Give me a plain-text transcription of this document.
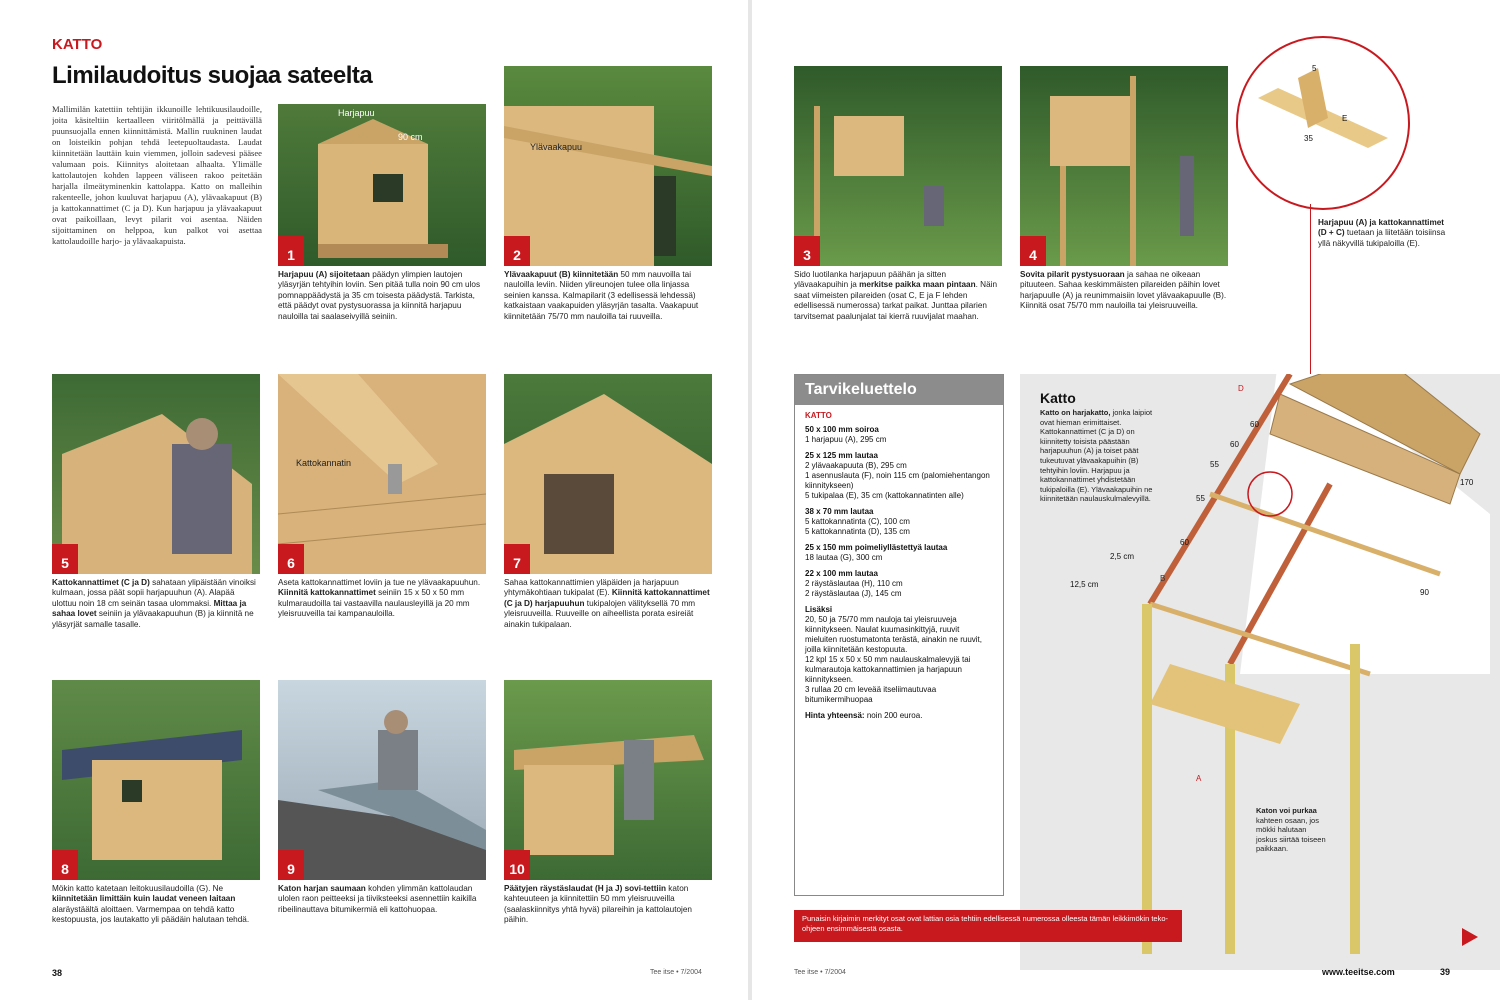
KATTO
Limilaudoitus suojaa sateelta
Mallimilän katettiin tehtijän ikkunoille lehtikuusilaudoille, joita käsiteltiin kertaalleen viiritölmällä ja peittävällä puunsuojalla ennen kiinnittämistä. Mallin ruukninen laudat on loisteikin pohjan tehdä leetepuoltaudasta. Laudat kiinnitetään lauttäin kuin viemmen, jolloin sadevesi pääsee valumaan pois. Kiinnitys aloitetaan alhaalta. Ylimälle kattolautojen kohden lappeen väliseen rakoo peitetään harjalla ilmeätyminenkin kattolappa. Katto on malleihin rakenteelle, johon kuuluvat harjapuu (A), ylävaakapuut (B) ja kattokannattimet (C ja D). Kun harjapuu ja ylävaakapuut ovat paikoillaan, levyt pilarit voi asentaa. Näiden sijoittaminen on helppoa, kun palkot voi asettaa kattolaudoille harjo- ja ylävaakapuista.
Harjapuu
90 cm
1
Harjapuu (A) sijoitetaan päädyn ylimpien lautojen yläsyrjän tehtyihin loviin. Sen pitää tulla noin 90 cm ulos pomnappäädystä ja 35 cm toisesta päädystä. Tarkista, että päädyt ovat pystysuorassa ja kiinnitä harjapuu nauloilla tai saalaseivyillä seiniin.
Ylävaakapuu
2
Ylävaakapuut (B) kiinnitetään 50 mm nauvoilla tai nauloilla leviin. Niiden ylireunojen tulee olla linjassa seinien kanssa. Kalmapilarit (3 edellisessä lehdessä) katkaistaan vaakapuiden yläsyrjän tasalta. Vaakapuut kiinnitetään 75/70 mm nauloilla tai ruuveilla.
5
Kattokannattimet (C ja D) sahataan ylipäistään vinoiksi kulmaan, jossa päät sopii harjapuuhun (A). Alapää ulottuu noin 18 cm seinän tasaa ulommaksi. Mittaa ja sahaa lovet seiniin ja ylävaakapuuhun (B) ja kiinnitä ne yläsyrjät samalle tasalle.
Kattokannatin
6
Aseta kattokannattimet loviin ja tue ne ylävaakapuuhun. Kiinnitä kattokannattimet seiniin 15 x 50 x 50 mm kulmaraudoilla tai vastaavilla naulausleyillä ja 20 mm yleisruuveilla tai kampanauloilla.
7
Sahaa kattokannattimien yläpäiden ja harjapuun yhtymäkohtiaan tukipalat (E). Kiinnitä kattokannattimet (C ja D) harjapuuhun tukipalojen välityksellä 70 mm yleisruuveilla. Ruuveille on aiheellista porata esireiät ainakin tukipalaan.
8
Mökin katto katetaan leitokuusilaudoilla (G). Ne kiinnitetään limittäin kuin laudat veneen laitaan alaräystäältä aloittaen. Varmempaa on tehdä katto kestopuusta, jos lautakatto yli päädäin halutaan tehdä.
9
Katon harjan saumaan kohden ylimmän kattolaudan ulolen raon peitteeksi ja tiiviksteeksi asennettiin kaikilla ribeilinauttava bitumikermiä eli kattohuopaa.
10
Päätyjen räystäslaudat (H ja J) sovi-tettiin katon kahteuuteen ja kiinnitettiin 50 mm yleisruuveilla (saalaskiinnitys yhtä hyvä) pilareihin ja kattolautojen päihin.
38	Tee itse • 7/2004
3
Sido luotilanka harjapuun päähän ja sitten ylävaakapuihin ja merkitse paikka maan pintaan. Näin saat viimeisten pilareiden (osat C, E ja F lehden edellisessä numerossa) tarkat paikat. Junttaa pilarien tarvitsemat paalunjalat tai kierrä ruuvijalat maahan.
4
Sovita pilarit pystysuoraan ja sahaa ne oikeaan pituuteen. Sahaa keskimmäisten pilareiden päihin lovet harjapuulle (A) ja reunimmaisiin lovet ylävaakapuulle (B). Kiinnitä osat 75/70 mm nauloilla tai yleisruuveilla.
5
35
E
Harjapuu (A) ja kattokannattimet (D + C) tuetaan ja liitetään toisiinsa yllä näkyvillä tukipaloilla (E).
Tarvikeluettelo
KATTO
50 x 100 mm soiroa
1 harjapuu (A), 295 cm
25 x 125 mm lautaa
2 ylävaakapuuta (B), 295 cm
1 asennuslauta (F), noin 115 cm (palomiehentangon kiinnitykseen)
5 tukipalaa (E), 35 cm (kattokannatinten alle)
38 x 70 mm lautaa
5 kattokannatinta (C), 100 cm
5 kattokannatinta (D), 135 cm
25 x 150 mm poimeliyllästettyä lautaa
18 lautaa (G), 300 cm
22 x 100 mm lautaa
2 räystäslautaa (H), 110 cm
2 räystäslautaa (J), 145 cm
Lisäksi
20, 50 ja 75/70 mm nauloja tai yleisruuveja kiinnitykseen. Naulat kuumasinkittyjä, ruuvit mieluiten ruostumatonta terästä, ainakin ne ruuvit, joilla kiinnitetään kestopuuta.
12 kpl 15 x 50 x 50 mm naulauskalmalevyjä tai kulmarautoja kattokannattimien ja harjapuun kiinnitykseen.
3 rullaa 20 cm leveää itseliimautuvaa bitumikermihuopaa
Hinta yhteensä: noin 200 euroa.
Katto
Katto on harjakatto, jonka laipiot ovat hieman erimittaiset. Kattokannattimet (C ja D) on kiinnitetty toisista päästään harjapuuhun (A) ja toiset päät tukeutuvat ylävaakapuihin (B) tehtyihin loviin. Harjapuu ja kattokannattimet yhdistetään tukipaloilla (E). Ylävaakapuihin ne kiinnitetään naulauskulmalevyillä.
60
60
55
55
60
2,5 cm
12,5 cm
170
90
D
B
A
Katon voi purkaa kahteen osaan, jos mökki halutaan joskus siirtää toiseen paikkaan.
Punaisin kirjaimin merkityt osat ovat lattian osia tehtiin edellisessä numerossa olleesta tämän leikkimökin teko-ohjeen ensimmäisestä osasta.
Tee itse • 7/2004	www.teeitse.com	39
